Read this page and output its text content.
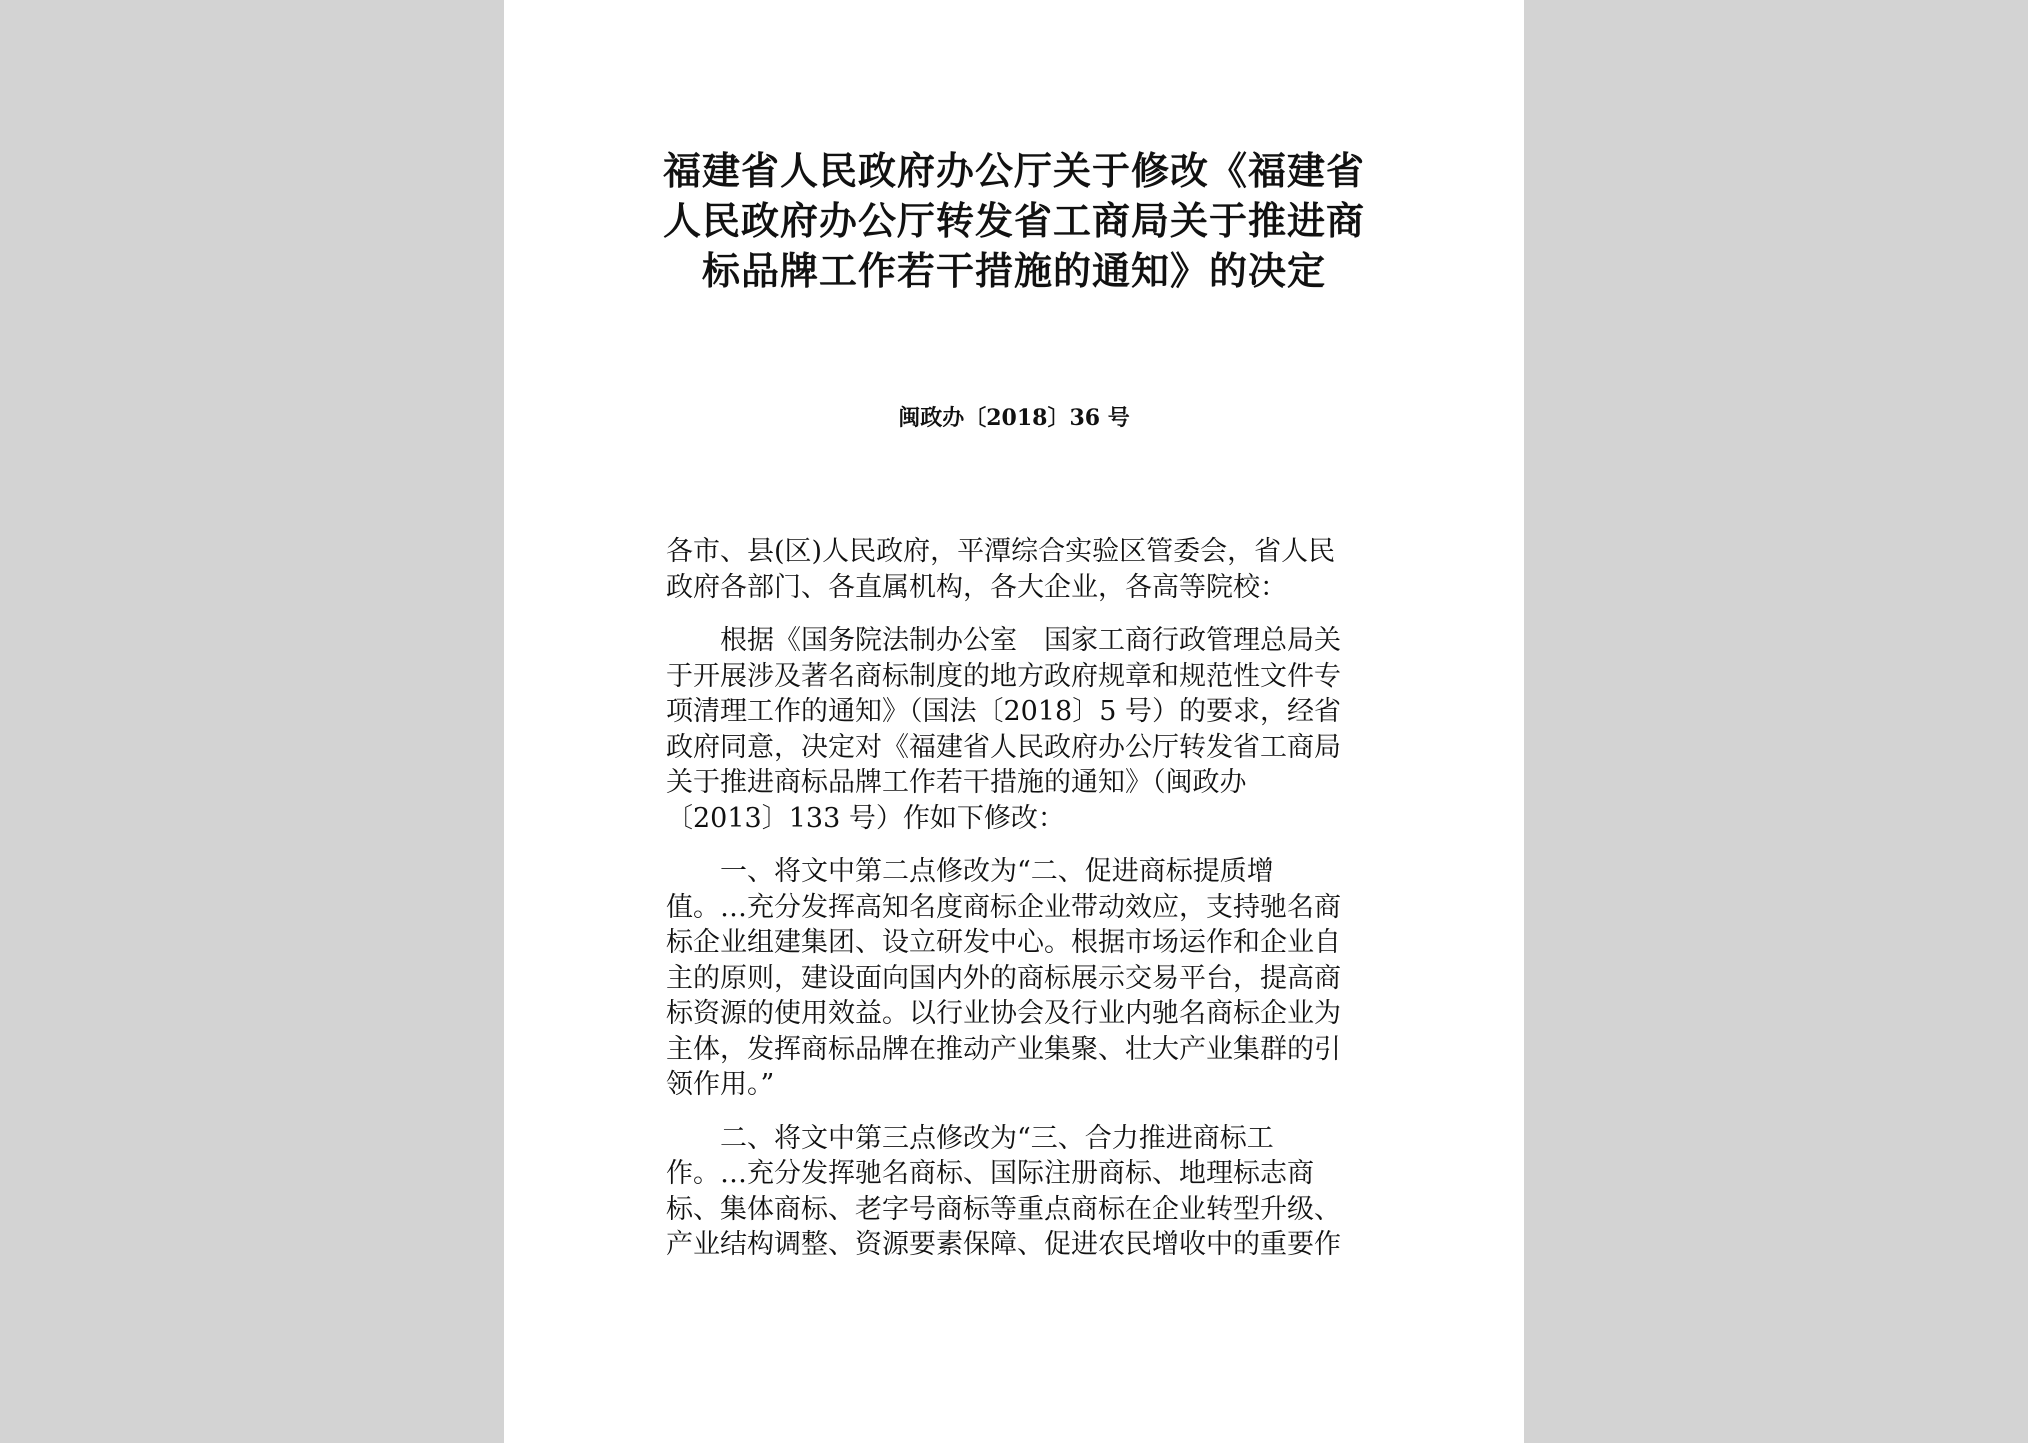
福建省人民政府办公厅关于修改《福建省
人民政府办公厅转发省工商局关于推进商
标品牌工作若干措施的通知》的决定
闽政办〔2018〕36 号
各市、县(区)人民政府，平潭综合实验区管委会，省人民
政府各部门、各直属机构，各大企业，各高等院校：
根据《国务院法制办公室　国家工商行政管理总局关
于开展涉及著名商标制度的地方政府规章和规范性文件专
项清理工作的通知》（国法〔2018〕5 号）的要求，经省
政府同意，决定对《福建省人民政府办公厅转发省工商局
关于推进商标品牌工作若干措施的通知》（闽政办
〔2013〕133 号）作如下修改：
一、将文中第二点修改为“二、促进商标提质增
值。…充分发挥高知名度商标企业带动效应，支持驰名商
标企业组建集团、设立研发中心。根据市场运作和企业自
主的原则，建设面向国内外的商标展示交易平台，提高商
标资源的使用效益。以行业协会及行业内驰名商标企业为
主体，发挥商标品牌在推动产业集聚、壮大产业集群的引
领作用。”
二、将文中第三点修改为“三、合力推进商标工
作。…充分发挥驰名商标、国际注册商标、地理标志商
标、集体商标、老字号商标等重点商标在企业转型升级、
产业结构调整、资源要素保障、促进农民增收中的重要作
